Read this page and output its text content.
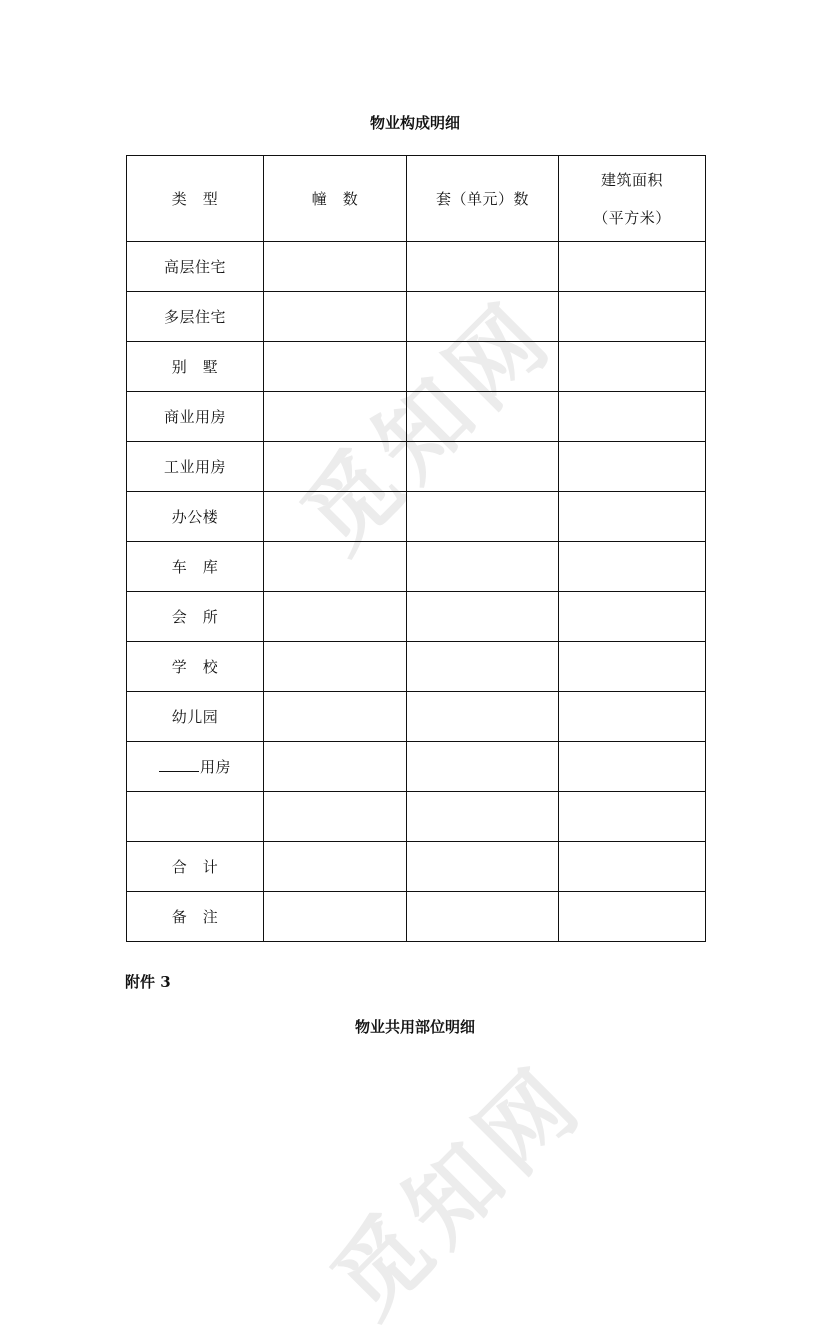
觅知网
觅知网
物业构成明细
类　型	幢　数	套（单元）数	建筑面积
（平方米）

高层住宅			
多层住宅			
别　墅			
商业用房			
工业用房			
办公楼			
车　库			
会　所			
学　校			
幼儿园			
用房			

合　计			
备　注			
附件 3
物业共用部位明细
